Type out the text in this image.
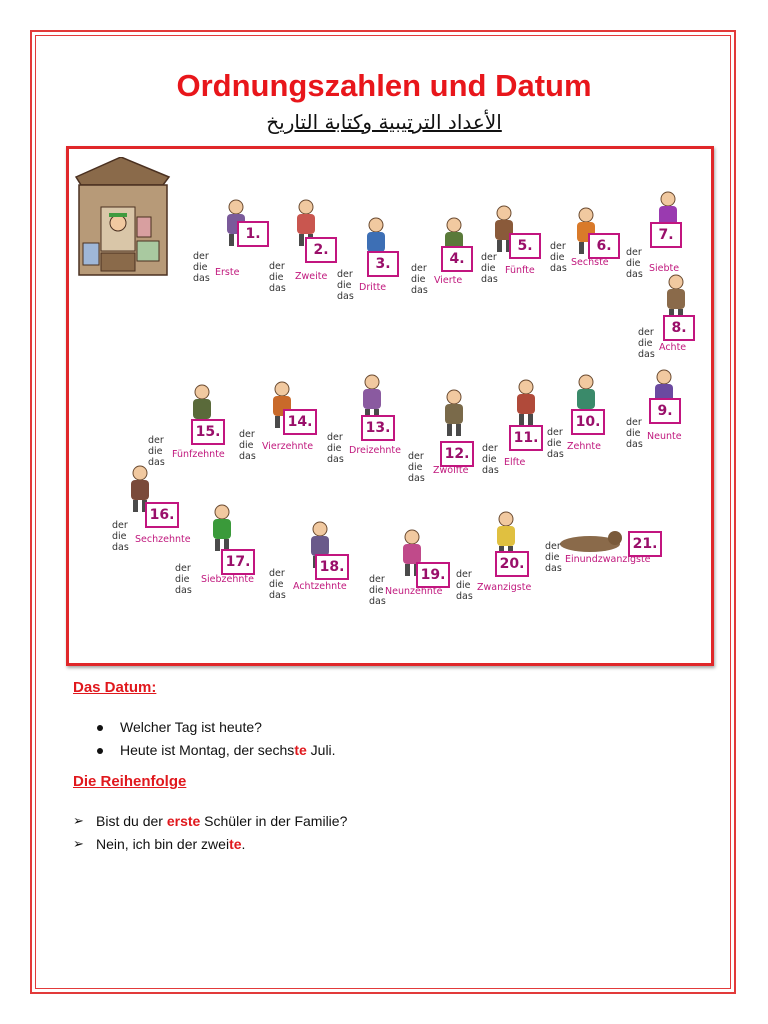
Ordnungszahlen und Datum
الأعداد الترتيبية وكتابة التاريخ
1.
der
die
das
Erste
2.
der
die
das
Zweite
3.
der
die
das
Dritte
4.
der
die
das
Vierte
5.
der
die
das
Fünfte
6.
der
die
das
Sechste
7.
der
die
das
Siebte
8.
der
die
das
Achte
9.
der
die
das
Neunte
10.
der
die
das
Zehnte
11.
der
die
das
Elfte
12.
der
die
das
Zwölfte
13.
der
die
das
Dreizehnte
14.
der
die
das
Vierzehnte
15.
der
die
das
Fünfzehnte
16.
der
die
das
Sechzehnte
17.
der
die
das
Siebzehnte
18.
der
die
das
Achtzehnte
19.
der
die
das
Neunzehnte
20.
der
die
das
Zwanzigste
21.
der
die
das
Einundzwanzigste
Das Datum:
Welcher Tag ist heute?
Heute ist Montag, der sechste Juli.
Die Reihenfolge
➢ Bist du der erste Schüler in der Familie?
➢ Nein, ich bin der zweite.
